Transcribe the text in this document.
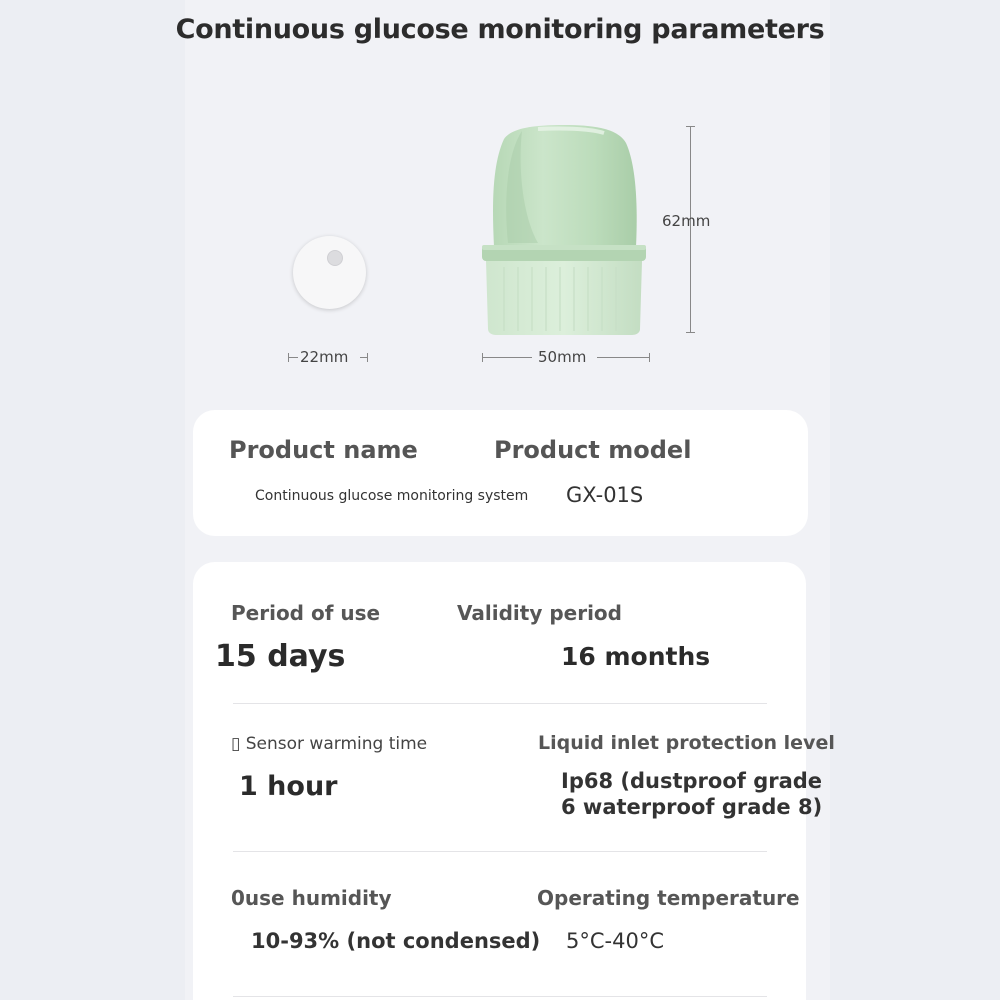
Continuous glucose monitoring parameters
62mm
22mm	50mm
Product name	Product model
Continuous glucose monitoring system GX-01S
Period of use	Validity period
15 days	16 months
▯ Sensor warming time	Liquid inlet protection level
1 hour	Ip68 (dustproof grade
6 waterproof grade 8)
0use humidity	Operating temperature
10-93% (not condensed) 5°C-40°C
